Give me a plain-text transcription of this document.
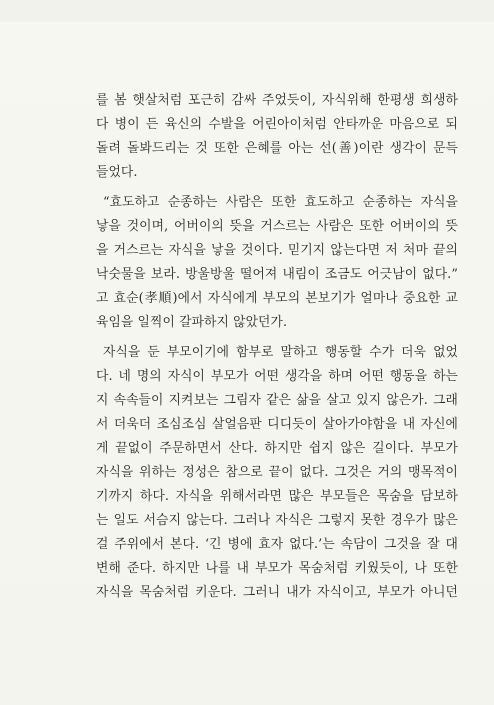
를 봄 햇살처럼 포근히 감싸 주었듯이, 자식위해 한평생 희생하
다 병이 든 육신의 수발을 어린아이처럼 안타까운 마음으로 되
돌려 돌봐드리는 것 또한 은혜를 아는 선(善)이란 생각이 문득
들었다.
“효도하고 순종하는 사람은 또한 효도하고 순종하는 자식을
낳을 것이며, 어버이의 뜻을 거스르는 사람은 또한 어버이의 뜻
을 거스르는 자식을 낳을 것이다. 믿기지 않는다면 저 처마 끝의
낙숫물을 보라. 방울방울 떨어져 내림이 조금도 어긋남이 없다.”
고 효순(孝順)에서 자식에게 부모의 본보기가 얼마나 중요한 교
육임을 일찍이 갈파하지 않았던가.
자식을 둔 부모이기에 함부로 말하고 행동할 수가 더욱 없었
다. 네 명의 자식이 부모가 어떤 생각을 하며 어떤 행동을 하는
지 속속들이 지켜보는 그림자 같은 삶을 살고 있지 않은가. 그래
서 더욱더 조심조심 살얼음판 디디듯이 살아가야함을 내 자신에
게 끝없이 주문하면서 산다. 하지만 쉽지 않은 길이다. 부모가
자식을 위하는 정성은 참으로 끝이 없다. 그것은 거의 맹목적이
기까지 하다. 자식을 위해서라면 많은 부모들은 목숨을 담보하
는 일도 서슴지 않는다. 그러나 자식은 그렇지 못한 경우가 많은
걸 주위에서 본다. ‘긴 병에 효자 없다.’는 속담이 그것을 잘 대
변해 준다. 하지만 나를 내 부모가 목숨처럼 키웠듯이, 나 또한
자식을 목숨처럼 키운다. 그러니 내가 자식이고, 부모가 아니던
